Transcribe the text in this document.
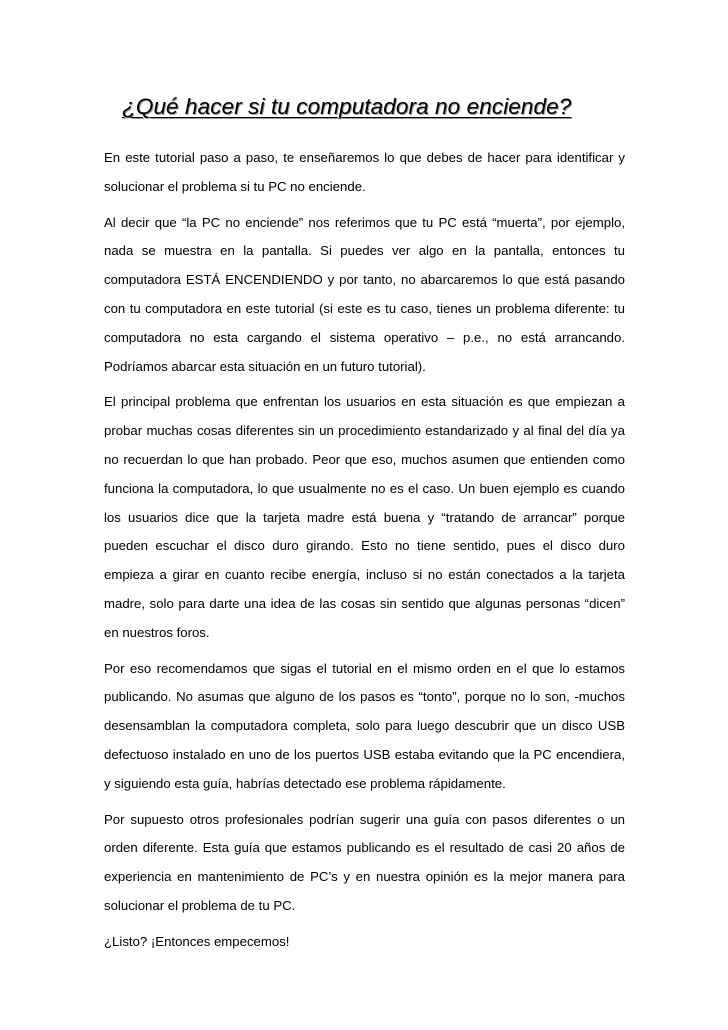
¿Qué hacer si tu computadora no enciende?

En este tutorial paso a paso, te enseñaremos lo que debes de hacer para identificar y solucionar el problema si tu PC no enciende.

Al decir que “la PC no enciende” nos referimos que tu PC está “muerta”, por ejemplo, nada se muestra en la pantalla. Si puedes ver algo en la pantalla, entonces tu computadora ESTÁ ENCENDIENDO y por tanto, no abarcaremos lo que está pasando con tu computadora en este tutorial (si este es tu caso, tienes un problema diferente: tu computadora no esta cargando el sistema operativo – p.e., no está arrancando. Podríamos abarcar esta situación en un futuro tutorial).

El principal problema que enfrentan los usuarios en esta situación es que empiezan a probar muchas cosas diferentes sin un procedimiento estandarizado y al final del día ya no recuerdan lo que han probado. Peor que eso, muchos asumen que entienden como funciona la computadora, lo que usualmente no es el caso. Un buen ejemplo es cuando los usuarios dice que la tarjeta madre está buena y “tratando de arrancar” porque pueden escuchar el disco duro girando. Esto no tiene sentido, pues el disco duro empieza a girar en cuanto recibe energía, incluso si no están conectados a la tarjeta madre, solo para darte una idea de las cosas sin sentido que algunas personas “dicen” en nuestros foros.

Por eso recomendamos que sigas el tutorial en el mismo orden en el que lo estamos publicando. No asumas que alguno de los pasos es “tonto”, porque no lo son, -muchos desensamblan la computadora completa, solo para luego descubrir que un disco USB defectuoso instalado en uno de los puertos USB estaba evitando que la PC encendiera, y siguiendo esta guía, habrías detectado ese problema rápidamente.

Por supuesto otros profesionales podrían sugerir una guía con pasos diferentes o un orden diferente. Esta guía que estamos publicando es el resultado de casi 20 años de experiencia en mantenimiento de PC’s y en nuestra opinión es la mejor manera para solucionar el problema de tu PC.

¿Listo? ¡Entonces empecemos!
